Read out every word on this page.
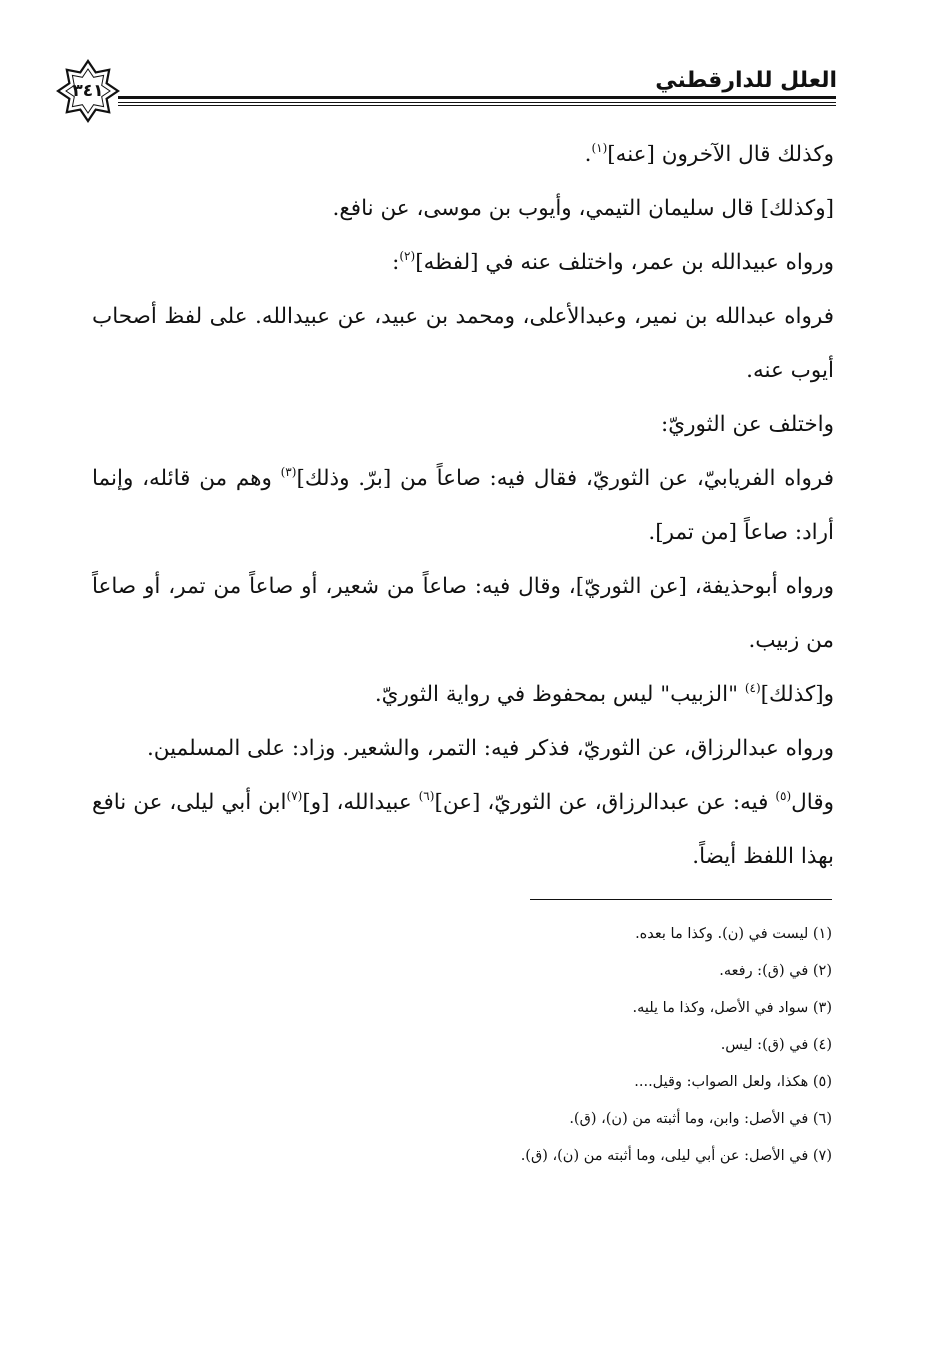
العلل للدارقطني
٣٤١

وكذلك قال الآخرون [عنه]$^{(١)}$.

[وكذلك] قال سليمان التيمي، وأيوب بن موسى، عن نافع.

ورواه عبيدالله بن عمر، واختلف عنه في [لفظه]$^{(٢)}$:

فرواه عبدالله بن نمير، وعبدالأعلى، ومحمد بن عبيد، عن عبيدالله. على لفظ أصحاب أيوب عنه.

واختلف عن الثوريّ:

فرواه الفريابيّ، عن الثوريّ، فقال فيه: صاعاً من [برّ. وذلك]$^{(٣)}$ وهم من قائله، وإنما أراد: صاعاً [من تمر].

ورواه أبوحذيفة، [عن الثوريّ]، وقال فيه: صاعاً من شعير، أو صاعاً من تمر، أو صاعاً من زبيب.

و[كذلك]$^{(٤)}$ "الزبيب" ليس بمحفوظ في رواية الثوريّ.

ورواه عبدالرزاق، عن الثوريّ، فذكر فيه: التمر، والشعير. وزاد: على المسلمين.

وقال$^{(٥)}$ فيه: عن عبدالرزاق، عن الثوريّ، [عن]$^{(٦)}$ عبيدالله، [و]$^{(٧)}$ابن أبي ليلى، عن نافع بهذا اللفظ أيضاً.

(١) ليست في (ن). وكذا ما بعده.

(٢) في (ق): رفعه.

(٣) سواد في الأصل، وكذا ما يليه.

(٤) في (ق): ليس.

(٥) هكذا، ولعل الصواب: وقيل....

(٦) في الأصل: وابن، وما أثبته من (ن)، (ق).

(٧) في الأصل: عن أبي ليلى، وما أثبته من (ن)، (ق).
